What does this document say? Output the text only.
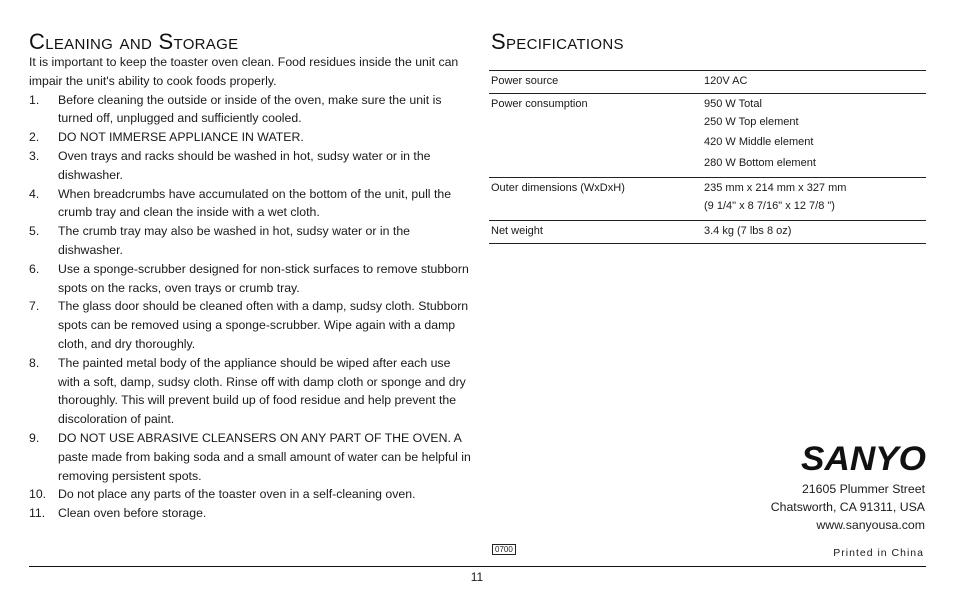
Cleaning and Storage

It is important to keep the toaster oven clean. Food residues inside the unit can impair the unit's ability to cook foods properly.

1.	Before cleaning the outside or inside of the oven, make sure the unit is turned off, unplugged and sufficiently cooled.
2.	DO NOT IMMERSE APPLIANCE IN WATER.
3.	Oven trays and racks should be washed in hot, sudsy water or in the dishwasher.
4.	When breadcrumbs have accumulated on the bottom of the unit, pull the crumb tray and clean the inside with a wet cloth.
5.	The crumb tray may also be washed in hot, sudsy water or in the dishwasher.
6.	Use a sponge-scrubber designed for non-stick surfaces to remove stubborn spots on the racks, oven trays or crumb tray.
7.	The glass door should be cleaned often with a damp, sudsy cloth. Stubborn spots can be removed using a sponge-scrubber. Wipe again with a damp cloth, and dry thoroughly.
8.	The painted metal body of the appliance should be wiped after each use with a soft, damp, sudsy cloth. Rinse off with damp cloth or sponge and dry thoroughly. This will prevent build up of food residue and help prevent the discoloration of paint.
9.	DO NOT USE ABRASIVE CLEANSERS ON ANY PART OF THE OVEN. A paste made from baking soda and a small amount of water can be helpful in removing persistent spots.
10. Do not place any parts of the toaster oven in a self-cleaning oven.
11.	Clean oven before storage.
Specifications
Power source	120V AC

Power consumption	950 W Total
250 W Top element
420 W Middle element
280 W Bottom element

Outer dimensions (WxDxH)	235 mm x 214 mm x 327 mm
(9 1/4" x 8 7/16" x 12 7/8 ")

Net weight	3.4 kg (7 lbs 8 oz)
SANYO
21605 Plummer Street
Chatsworth, CA 91311, USA
www.sanyousa.com
0700	Printed in China
11
